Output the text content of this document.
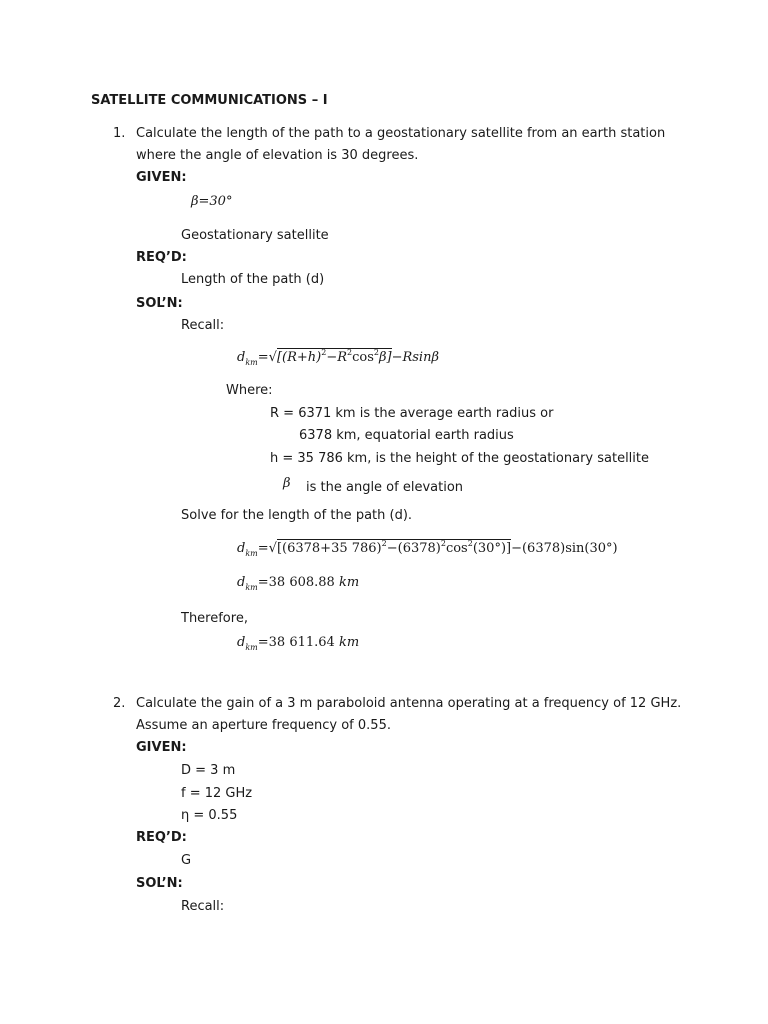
SATELLITE COMMUNICATIONS – I
1. Calculate the length of the path to a geostationary satellite from an earth station
where the angle of elevation is 30 degrees.
GIVEN:
β=30°
Geostationary satellite
REQ’D:
Length of the path (d)
SOL’N:
Recall:
$d_{km}=√[(R+h)^2-R^2\cos^2\beta]-Rsin\beta$
Where:
R = 6371 km is the average earth radius or
6378 km, equatorial earth radius
h = 35 786 km, is the height of the geostationary satellite
β is the angle of elevation
Solve for the length of the path (d).
$d_{km}=√[(6378+35$ $786)^2-(6378)^2\cos^2(30^\circ)]-(6378)\sin(30^\circ)$
$d_{km}=38$ 608.88 km
Therefore,
$d_{km}=38$ 611.64 km
2. Calculate the gain of a 3 m paraboloid antenna operating at a frequency of 12 GHz.
Assume an aperture frequency of 0.55.
GIVEN:
D = 3 m
f = 12 GHz
η = 0.55
REQ’D:
G
SOL’N:
Recall:
